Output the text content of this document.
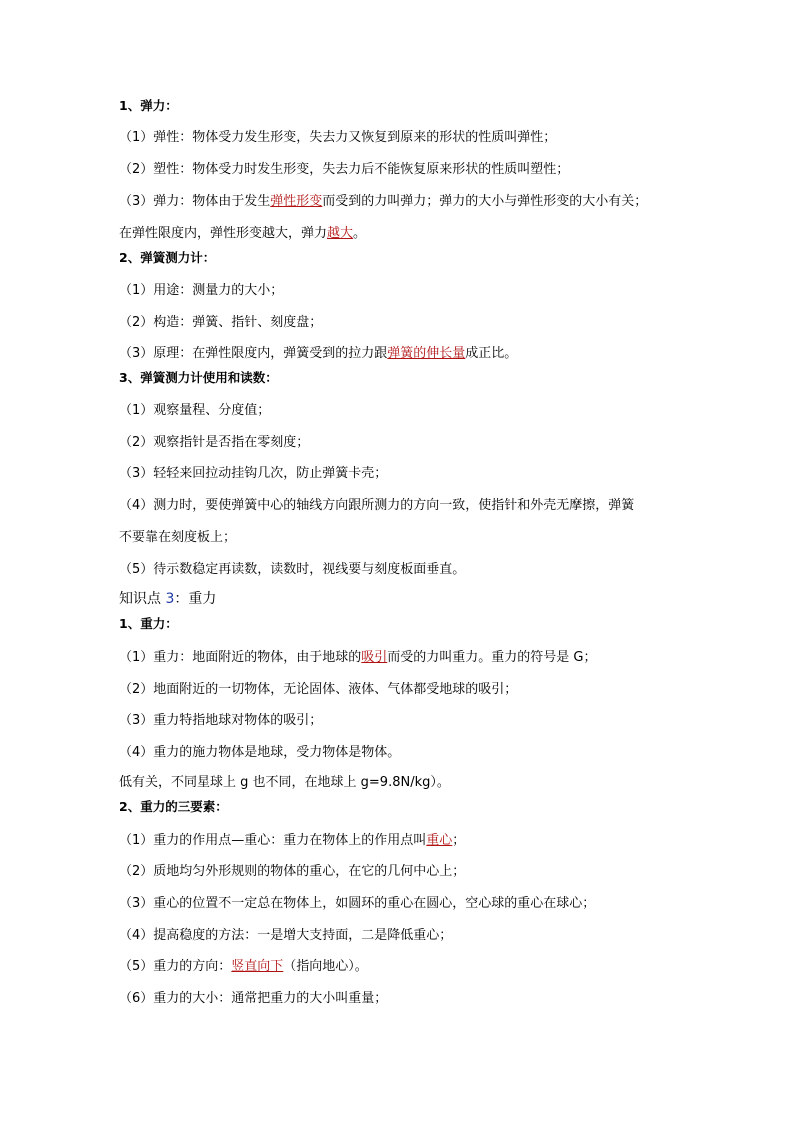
1、弹力：
（1）弹性：物体受力发生形变，失去力又恢复到原来的形状的性质叫弹性；
（2）塑性：物体受力时发生形变，失去力后不能恢复原来形状的性质叫塑性；
（3）弹力：物体由于发生弹性形变而受到的力叫弹力；弹力的大小与弹性形变的大小有关；
在弹性限度内，弹性形变越大，弹力越大。
2、弹簧测力计：
（1）用途：测量力的大小；
（2）构造：弹簧、指针、刻度盘；
（3）原理：在弹性限度内，弹簧受到的拉力跟弹簧的伸长量成正比。
3、弹簧测力计使用和读数：
（1）观察量程、分度值；
（2）观察指针是否指在零刻度；
（3）轻轻来回拉动挂钩几次，防止弹簧卡壳；
（4）测力时，要使弹簧中心的轴线方向跟所测力的方向一致，使指针和外壳无摩擦，弹簧
不要靠在刻度板上；
（5）待示数稳定再读数，读数时，视线要与刻度板面垂直。
知识点 3：重力
1、重力：
（1）重力：地面附近的物体，由于地球的吸引而受的力叫重力。重力的符号是 G；
（2）地面附近的一切物体，无论固体、液体、气体都受地球的吸引；
（3）重力特指地球对物体的吸引；
（4）重力的施力物体是地球，受力物体是物体。
低有关，不同星球上 g 也不同，在地球上 g=9.8N/kg）。
2、重力的三要素：
（1）重力的作用点—重心：重力在物体上的作用点叫重心；
（2）质地均匀外形规则的物体的重心，在它的几何中心上；
（3）重心的位置不一定总在物体上，如圆环的重心在圆心，空心球的重心在球心；
（4）提高稳度的方法：一是增大支持面，二是降低重心；
（5）重力的方向：竖直向下（指向地心）。
（6）重力的大小：通常把重力的大小叫重量；
